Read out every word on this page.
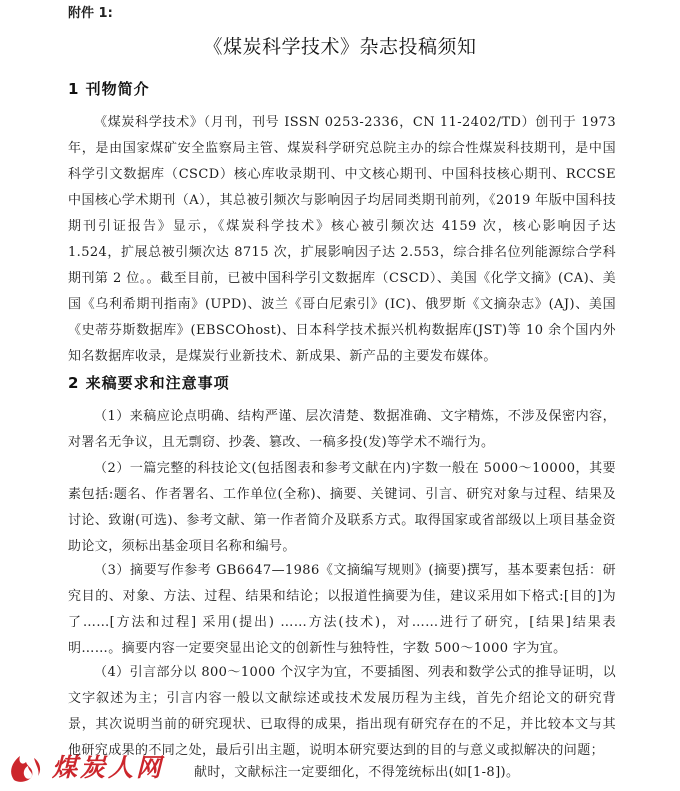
附件 1:
《煤炭科学技术》杂志投稿须知
1 刊物简介
《煤炭科学技术》（月刊，刊号 ISSN 0253-2336，CN 11-2402/TD）创刊于 1973 年，是由国家煤矿安全监察局主管、煤炭科学研究总院主办的综合性煤炭科技期刊，是中国科学引文数据库（CSCD）核心库收录期刊、中文核心期刊、中国科技核心期刊、RCCSE 中国核心学术期刊（A），其总被引频次与影响因子均居同类期刊前列，《2019 年版中国科技期刊引证报告》显示，《煤炭科学技术》核心被引频次达 4159 次，核心影响因子达 1.524，扩展总被引频次达 8715 次，扩展影响因子达 2.553，综合排名位列能源综合学科期刊第 2 位。。截至目前，已被中国科学引文数据库（CSCD）、美国《化学文摘》(CA)、美国《乌利希期刊指南》(UPD)、波兰《哥白尼索引》(IC)、俄罗斯《文摘杂志》(AJ)、美国《史蒂芬斯数据库》(EBSCOhost)、日本科学技术振兴机构数据库(JST)等 10 余个国内外知名数据库收录，是煤炭行业新技术、新成果、新产品的主要发布媒体。
2 来稿要求和注意事项
（1）来稿应论点明确、结构严谨、层次清楚、数据准确、文字精炼，不涉及保密内容，对署名无争议，且无剽窃、抄袭、篡改、一稿多投(发)等学术不端行为。
（2）一篇完整的科技论文(包括图表和参考文献在内)字数一般在 5000～10000，其要素包括:题名、作者署名、工作单位(全称)、摘要、关键词、引言、研究对象与过程、结果及讨论、致谢(可选)、参考文献、第一作者简介及联系方式。取得国家或省部级以上项目基金资助论文，须标出基金项目名称和编号。
（3）摘要写作参考 GB6647—1986《文摘编写规则》(摘要)撰写，基本要素包括：研究目的、对象、方法、过程、结果和结论；以报道性摘要为佳，建议采用如下格式:[目的]为了……[方法和过程] 采用(提出) ……方法(技术)，对……进行了研究，[结果]结果表明……。摘要内容一定要突显出论文的创新性与独特性，字数 500～1000 字为宜。
（4）引言部分以 800～1000 个汉字为宜，不要插图、列表和数学公式的推导证明，以文字叙述为主；引言内容一般以文献综述或技术发展历程为主线，首先介绍论文的研究背景，其次说明当前的研究现状、已取得的成果，指出现有研究存在的不足，并比较本文与其他研究成果的不同之处，最后引出主题，说明本研究要达到的目的与意义或拟解决的问题；
献时，文献标注一定要细化，不得笼统标出(如[1-8])。
煤炭人网
